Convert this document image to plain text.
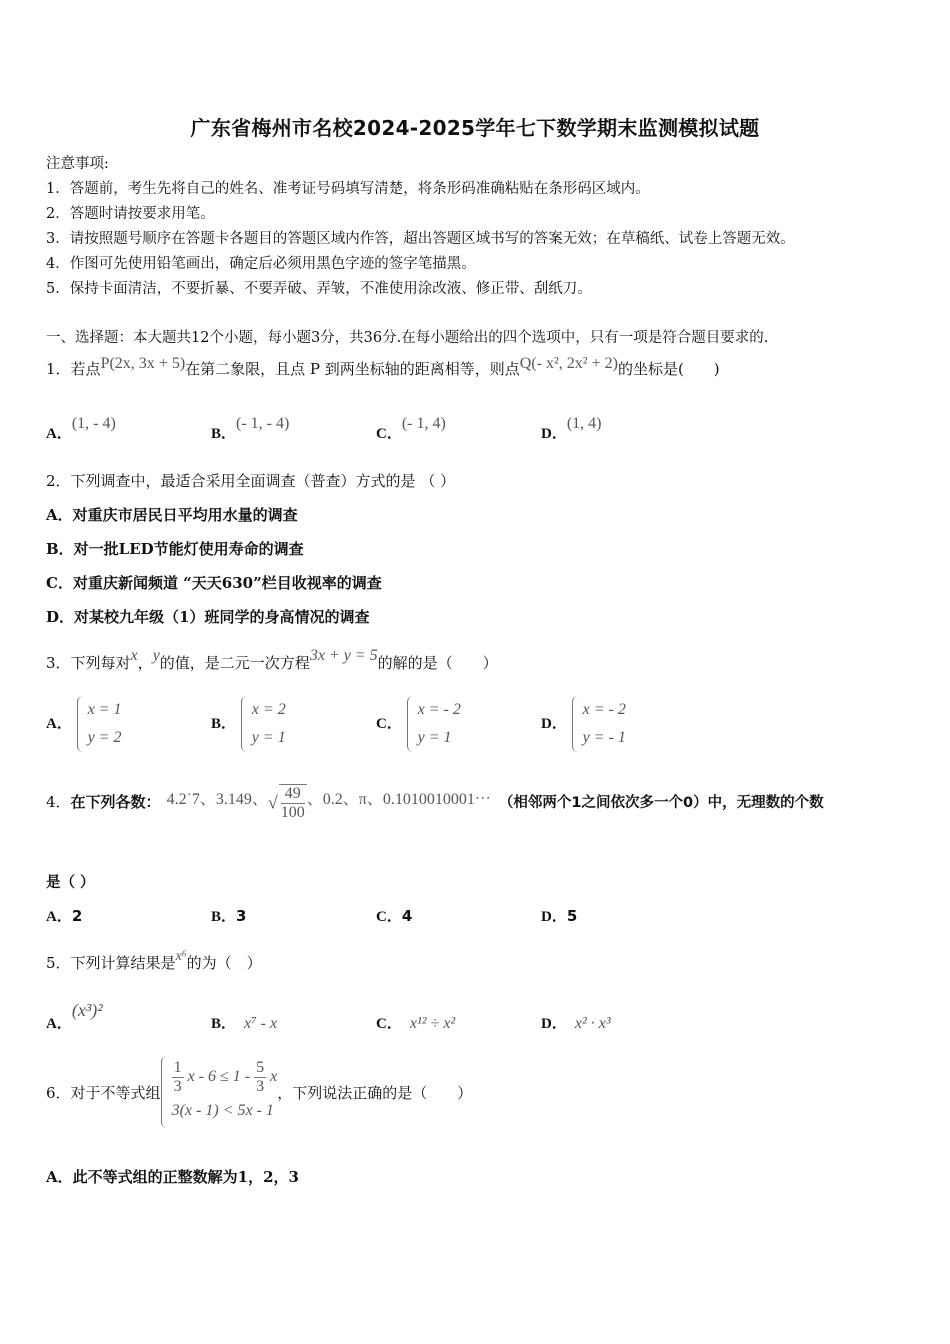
广东省梅州市名校2024-2025学年七下数学期末监测模拟试题
注意事项:
1．答题前，考生先将自己的姓名、准考证号码填写清楚，将条形码准确粘贴在条形码区域内。
2．答题时请按要求用笔。
3．请按照题号顺序在答题卡各题目的答题区域内作答，超出答题区域书写的答案无效；在草稿纸、试卷上答题无效。
4．作图可先使用铅笔画出，确定后必须用黑色字迹的签字笔描黑。
5．保持卡面清洁，不要折暴、不要弄破、弄皱，不准使用涂改液、修正带、刮纸刀。
一、选择题：本大题共12个小题，每小题3分，共36分.在每小题给出的四个选项中，只有一项是符合题目要求的.
1．若点P(2x, 3x + 5)在第二象限，且点 P 到两坐标轴的距离相等，则点Q(- x², 2x² + 2)的坐标是(　　)
A．(1, - 4)
B．(- 1, - 4)
C．(- 1, 4)
D．(1, 4)
2．下列调查中，最适合采用全面调查（普查）方式的是 （ ）
A．对重庆市居民日平均用水量的调查
B．对一批LED节能灯使用寿命的调查
C．对重庆新闻频道 “天天630”栏目收视率的调查
D．对某校九年级（1）班同学的身高情况的调查
3．下列每对x，y的值，是二元一次方程3x + y = 5的解的是（　　）
A．
x = 1
y = 2
B．
x = 2
y = 1
C．
x = - 2
y = 1
D．
x = - 2
y = - 1
4．在下列各数： 4.2˙7、3.149、√ $\frac{49}{100}$ 、0.2、π、0.1010010001⋯ （相邻两个1之间依次多一个0）中，无理数的个数
是（ ）
A．2	B．3	C．4	D．5
5．下列计算结果是x⁶的为（　）
A．(x³)²
B． x⁷ - x	C． x¹² ÷ x²	D． x² · x³
6．对于不等式组 $\frac{1}{3}$ $x - 6 \le 1 - \frac{5}{3}$ x
3(x - 1) < 5x - 1
，下列说法正确的是（　　）
A．此不等式组的正整数解为1，2，3
